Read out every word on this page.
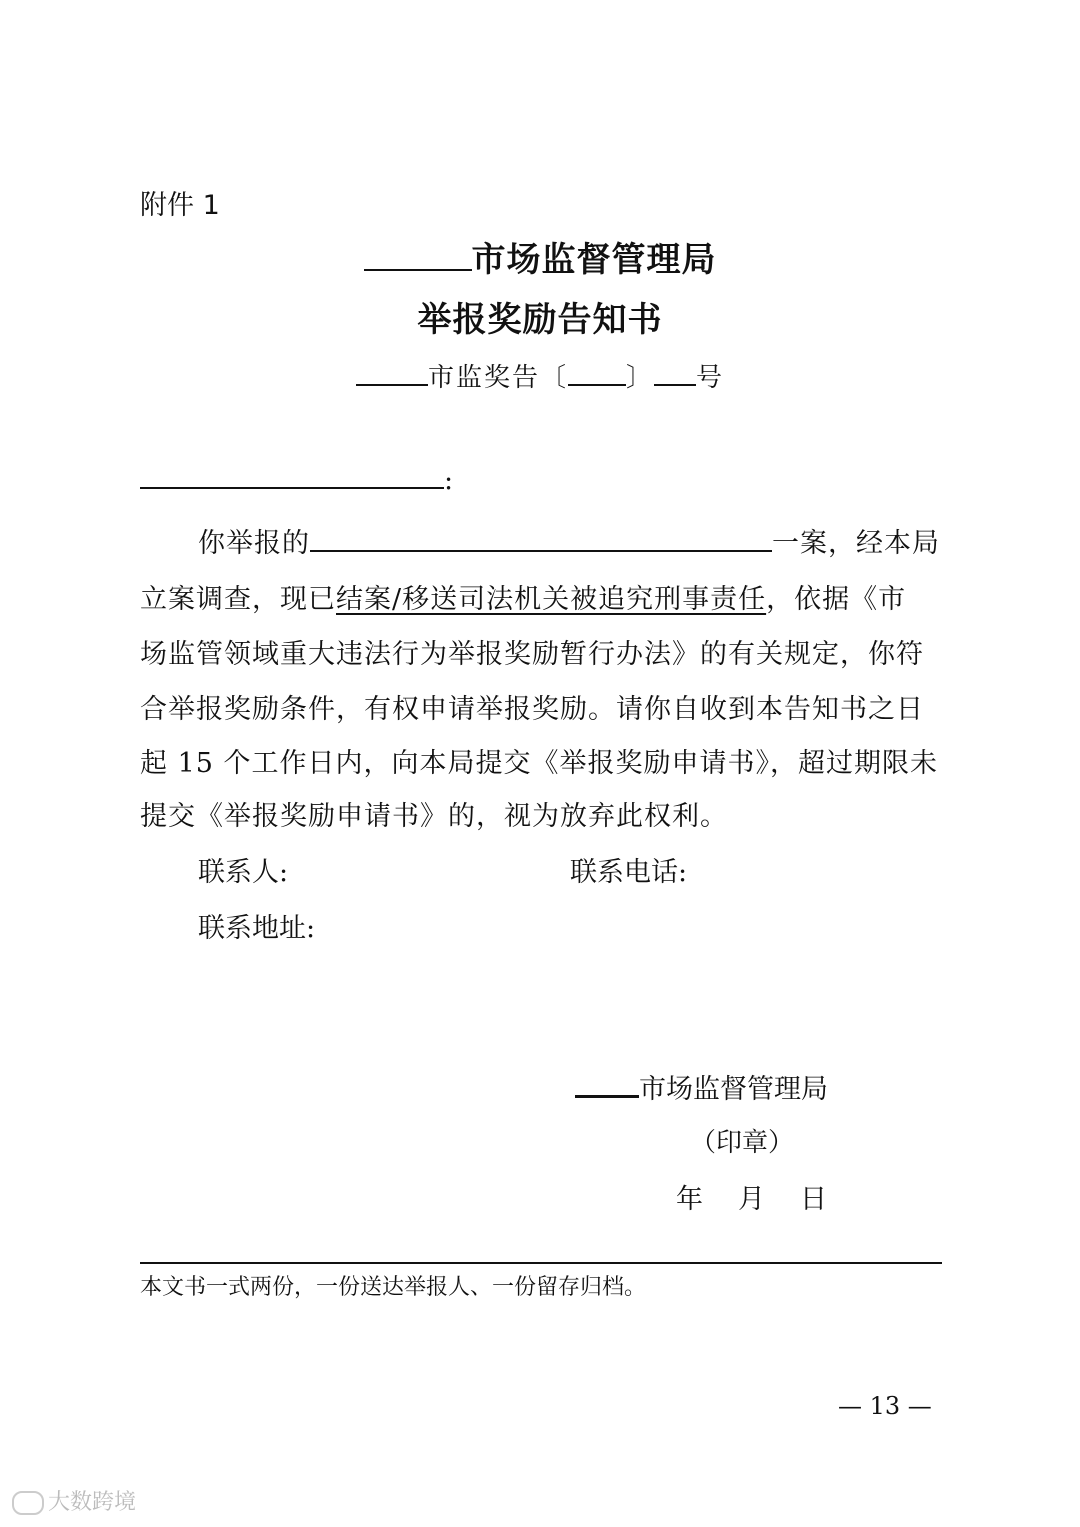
附件 1
市场监督管理局
举报奖励告知书
市监奖告〔 〕 号
:
你举报的	一案，经本局
立案调查，现已结案/移送司法机关被追究刑事责任，依据《市
场监管领域重大违法行为举报奖励暂行办法》的有关规定，你符
合举报奖励条件，有权申请举报奖励。请你自收到本告知书之日
起 15 个工作日内，向本局提交《举报奖励申请书》，超过期限未
提交《举报奖励申请书》的，视为放弃此权利。
联系人:	联系电话:
联系地址:
市场监督管理局
（印章）
年　月　日
本文书一式两份，一份送达举报人、一份留存归档。
— 13 —
大数跨境
